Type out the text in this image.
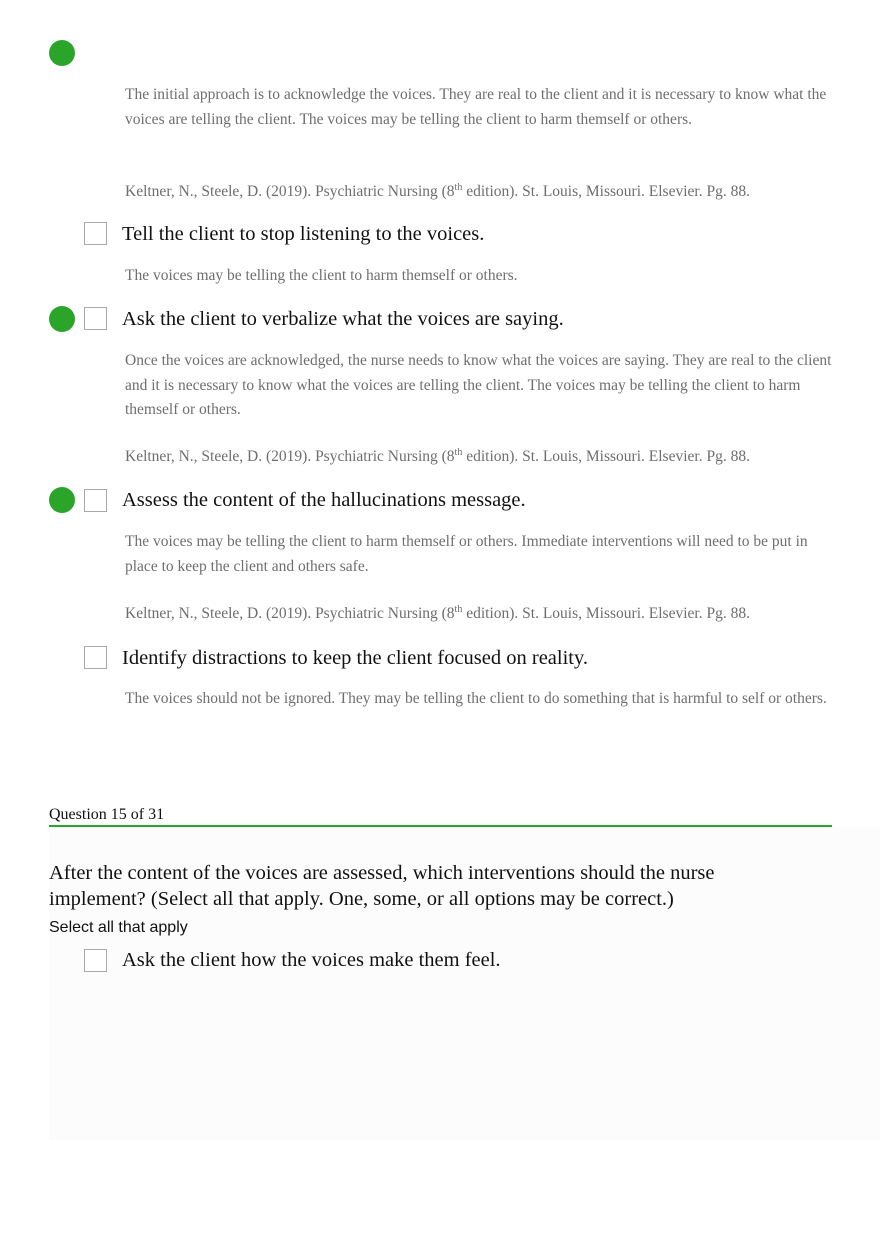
The initial approach is to acknowledge the voices. They are real to the client and it is necessary to know what the voices are telling the client. The voices may be telling the client to harm themself or others.
Keltner, N., Steele, D. (2019). Psychiatric Nursing (8th edition). St. Louis, Missouri. Elsevier. Pg. 88.
Tell the client to stop listening to the voices.
The voices may be telling the client to harm themself or others.
Ask the client to verbalize what the voices are saying.
Once the voices are acknowledged, the nurse needs to know what the voices are saying. They are real to the client and it is necessary to know what the voices are telling the client. The voices may be telling the client to harm themself or others.
Keltner, N., Steele, D. (2019). Psychiatric Nursing (8th edition). St. Louis, Missouri. Elsevier. Pg. 88.
Assess the content of the hallucinations message.
The voices may be telling the client to harm themself or others. Immediate interventions will need to be put in place to keep the client and others safe.
Keltner, N., Steele, D. (2019). Psychiatric Nursing (8th edition). St. Louis, Missouri. Elsevier. Pg. 88.
Identify distractions to keep the client focused on reality.
The voices should not be ignored. They may be telling the client to do something that is harmful to self or others.
Question 15 of 31
After the content of the voices are assessed, which interventions should the nurse implement? (Select all that apply. One, some, or all options may be correct.)
Select all that apply
Ask the client how the voices make them feel.
